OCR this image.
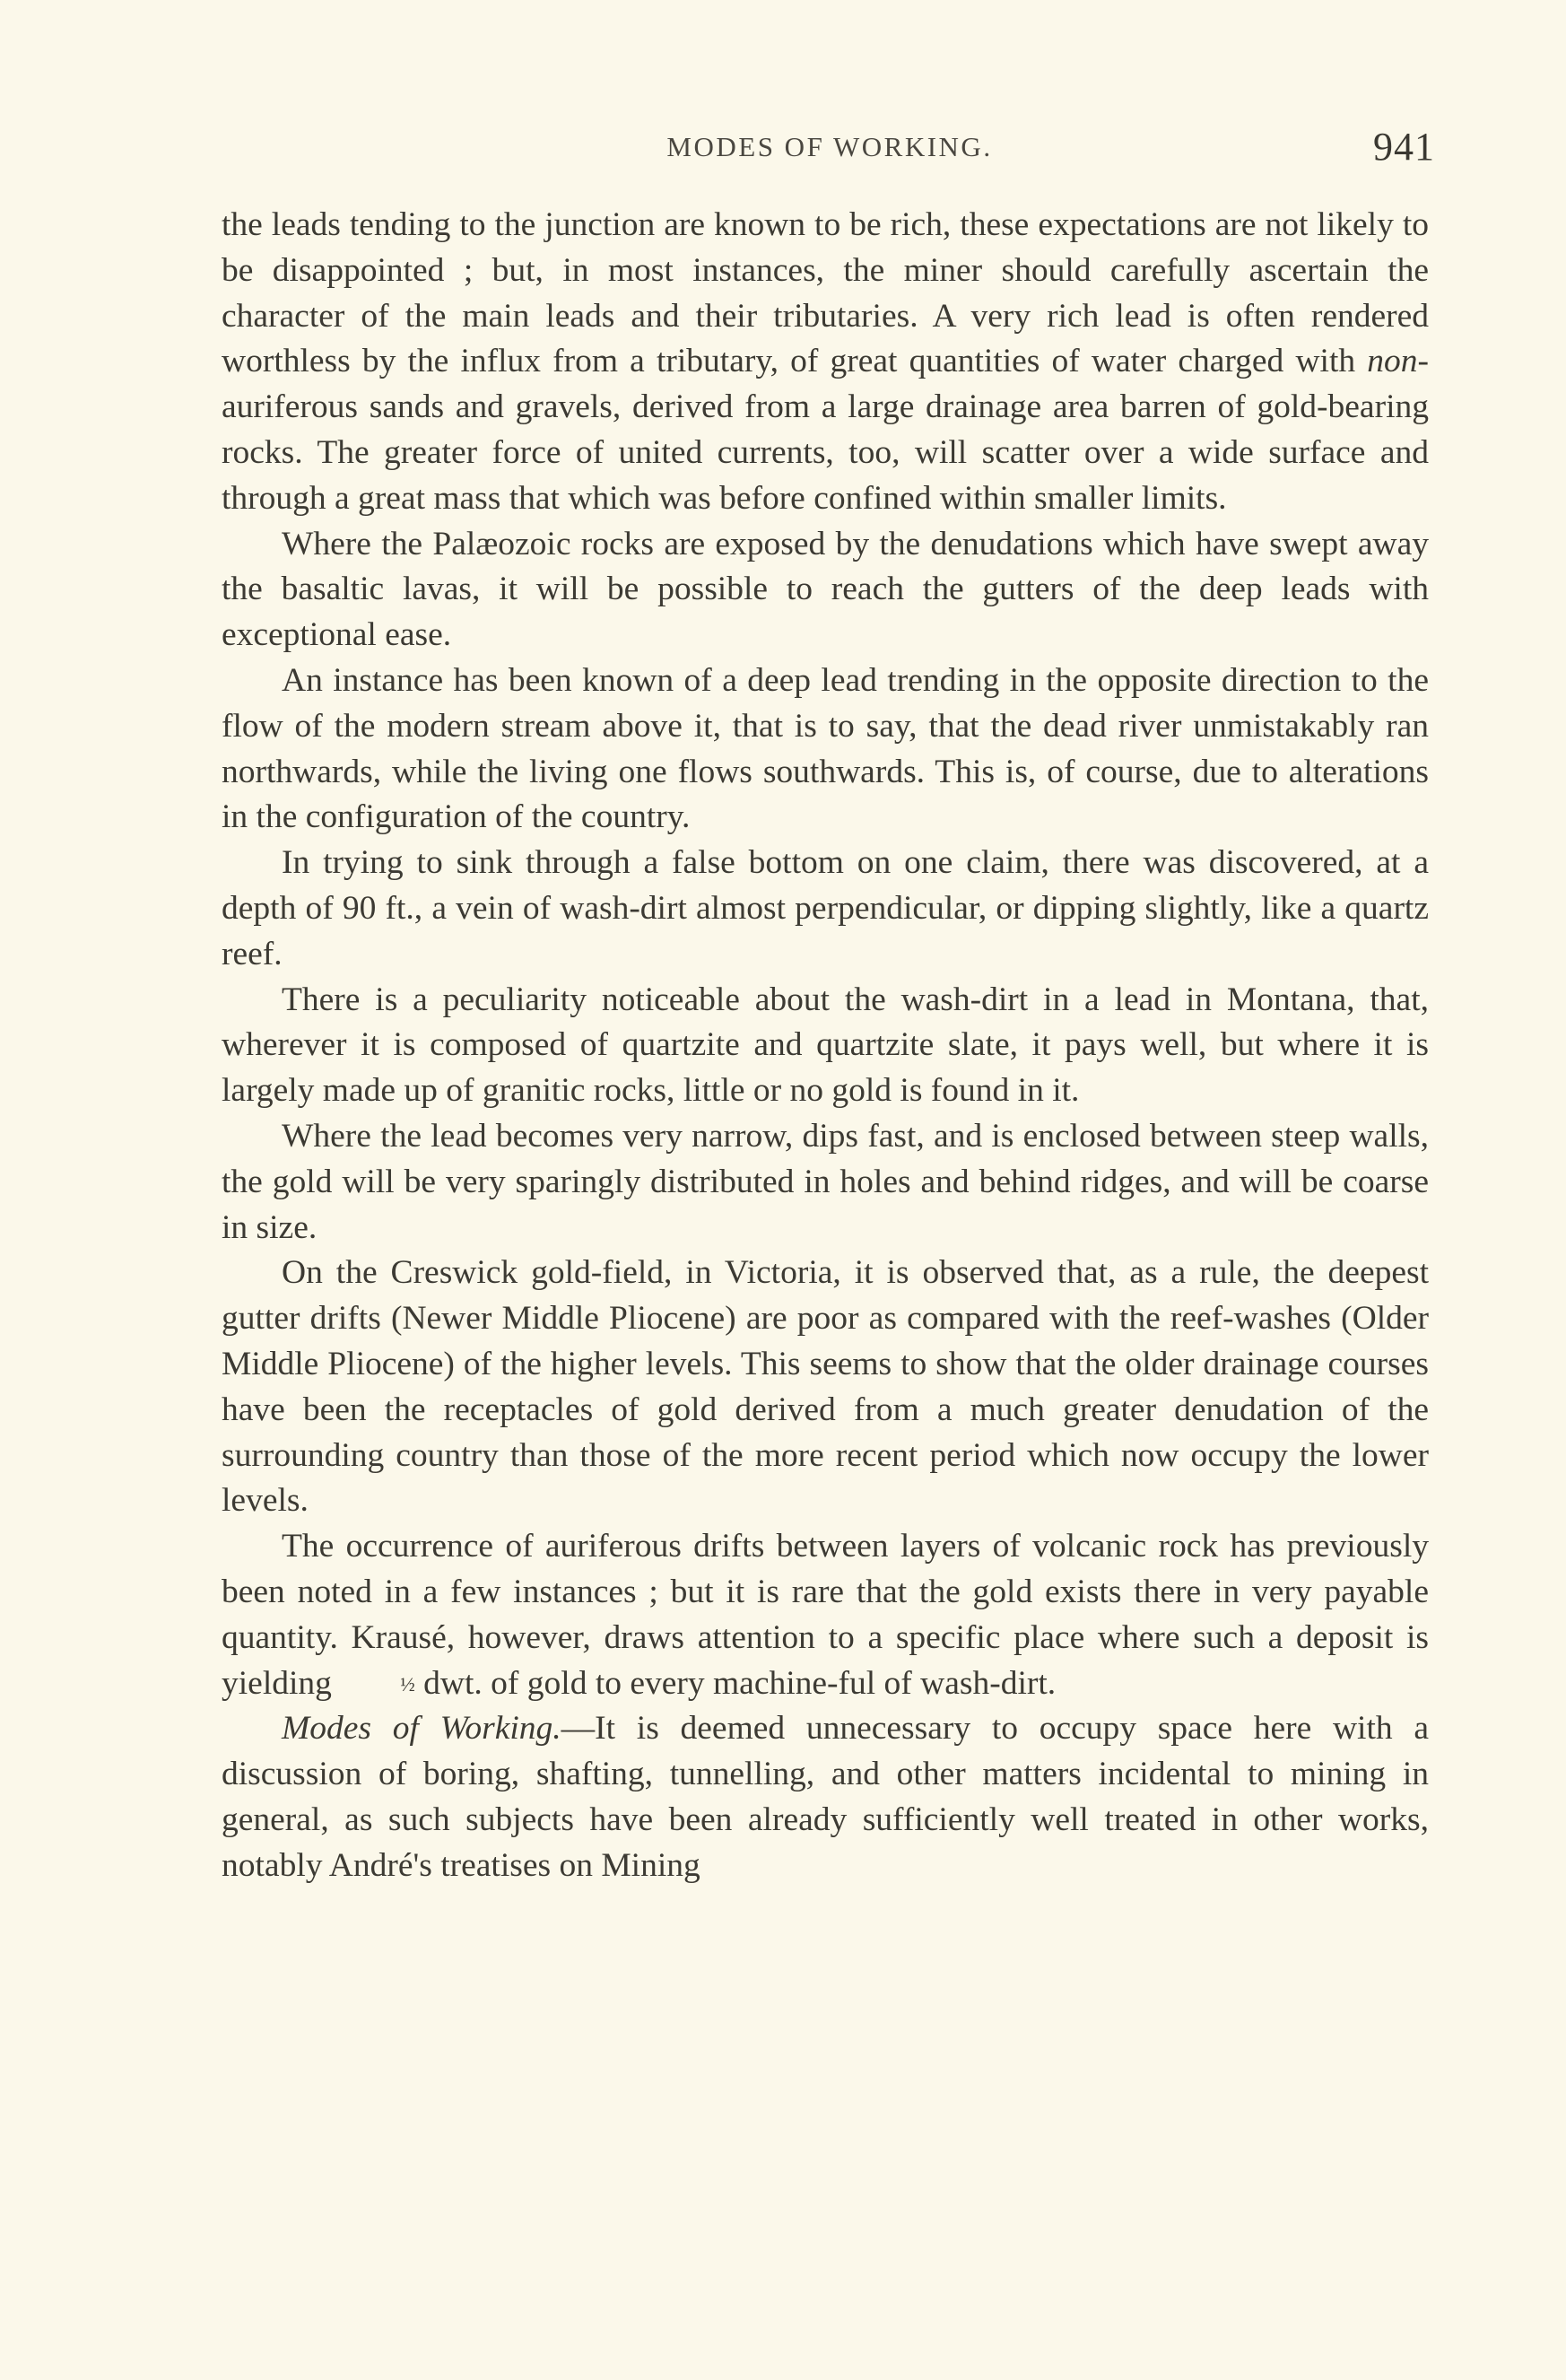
MODES OF WORKING.	941

the leads tending to the junction are known to be rich, these expectations are not likely to be disappointed ; but, in most instances, the miner should carefully ascertain the character of the main leads and their tributaries. A very rich lead is often rendered worthless by the influx from a tributary, of great quantities of water charged with non-auriferous sands and gravels, derived from a large drainage area barren of gold-bearing rocks. The greater force of united currents, too, will scatter over a wide surface and through a great mass that which was before confined within smaller limits.

Where the Palæozoic rocks are exposed by the denudations which have swept away the basaltic lavas, it will be possible to reach the gutters of the deep leads with exceptional ease.

An instance has been known of a deep lead trending in the opposite direction to the flow of the modern stream above it, that is to say, that the dead river unmistakably ran northwards, while the living one flows southwards. This is, of course, due to alterations in the configuration of the country.

In trying to sink through a false bottom on one claim, there was discovered, at a depth of 90 ft., a vein of wash-dirt almost perpendicular, or dipping slightly, like a quartz reef.

There is a peculiarity noticeable about the wash-dirt in a lead in Montana, that, wherever it is composed of quartzite and quartzite slate, it pays well, but where it is largely made up of granitic rocks, little or no gold is found in it.

Where the lead becomes very narrow, dips fast, and is enclosed between steep walls, the gold will be very sparingly distributed in holes and behind ridges, and will be coarse in size.

On the Creswick gold-field, in Victoria, it is observed that, as a rule, the deepest gutter drifts (Newer Middle Pliocene) are poor as compared with the reef-washes (Older Middle Pliocene) of the higher levels. This seems to show that the older drainage courses have been the receptacles of gold derived from a much greater denudation of the surrounding country than those of the more recent period which now occupy the lower levels.

The occurrence of auriferous drifts between layers of volcanic rock has previously been noted in a few instances ; but it is rare that the gold exists there in very payable quantity. Krausé, however, draws attention to a specific place where such a deposit is yielding	½ dwt. of gold to every machine-ful of wash-dirt.

Modes of Working.—It is deemed unnecessary to occupy space here with a discussion of boring, shafting, tunnelling, and other matters incidental to mining in general, as such subjects have been already sufficiently well treated in other works, notably André's treatises on Mining
